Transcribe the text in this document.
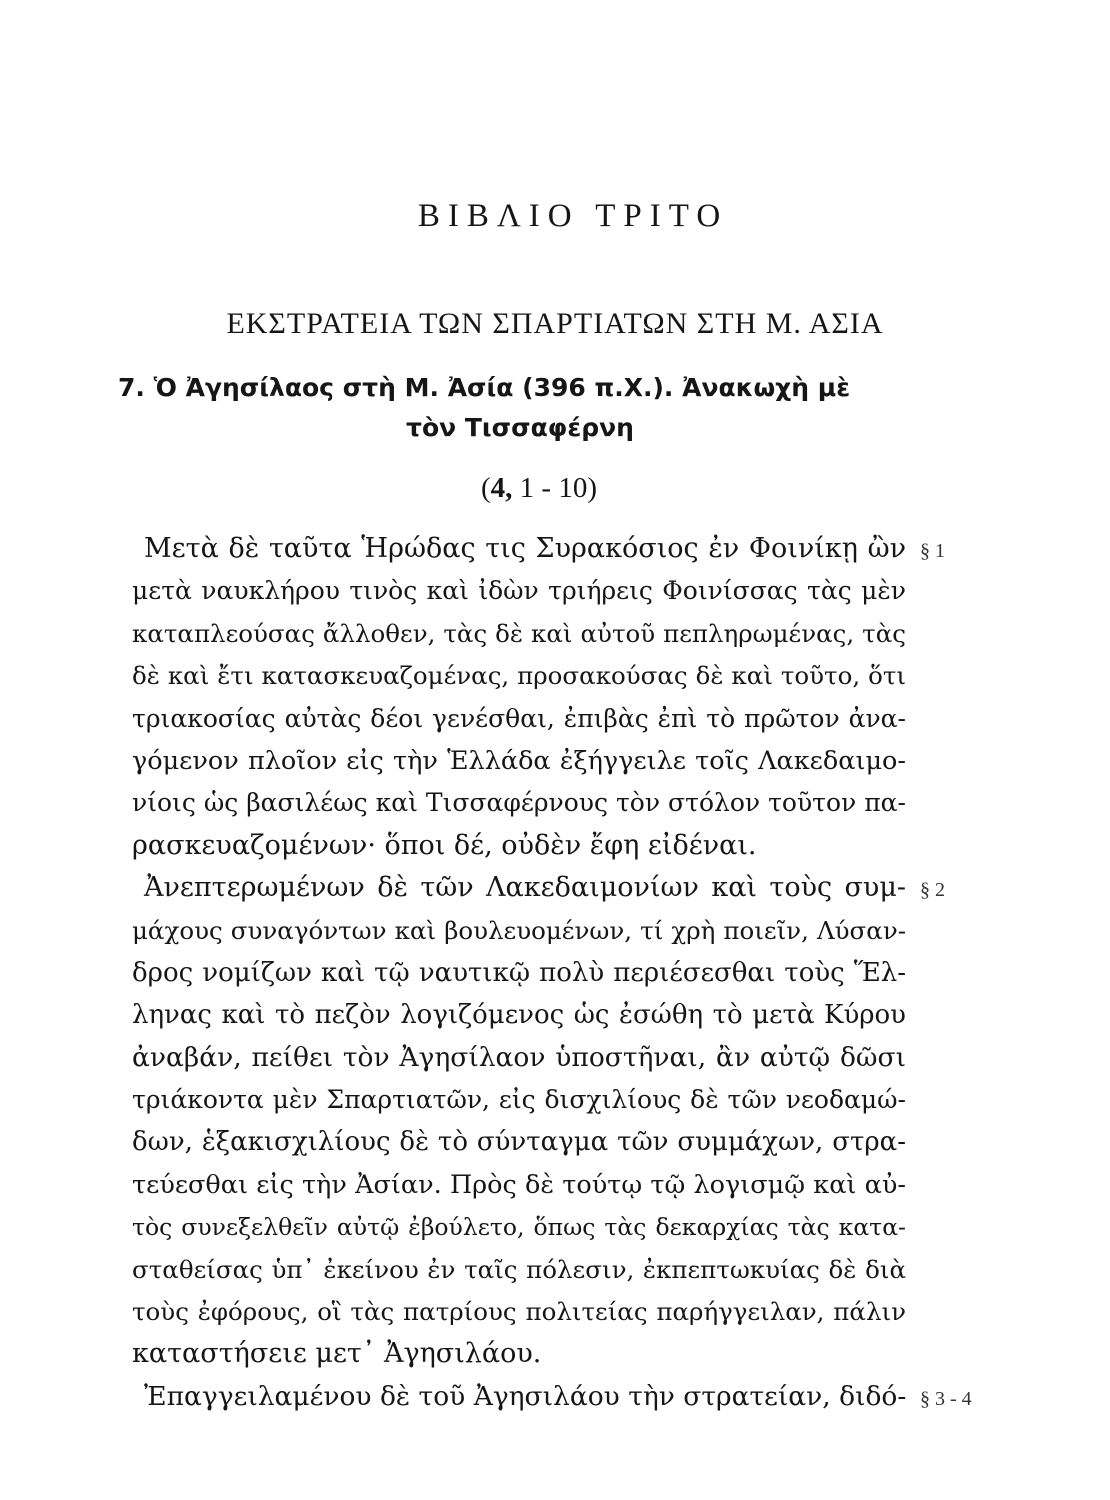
ΒΙΒΛΙΟ ΤΡΙΤΟ
ΕΚΣΤΡΑΤΕΙΑ ΤΩΝ ΣΠΑΡΤΙΑΤΩΝ ΣΤΗ Μ. ΑΣΙΑ
7. Ὁ Ἀγησίλαος στὴ Μ. Ἀσία (396 π.Χ.). Ἀνακωχὴ μὲ
τὸν Τισσαφέρνη
(4, 1 - 10)
§ 1
§ 2
§ 3 - 4
Μετὰ δὲ ταῦτα Ἡρώδας τις Συρακόσιος ἐν Φοινίκῃ ὢν
μετὰ ναυκλήρου τινὸς καὶ ἰδὼν τριήρεις Φοινίσσας τὰς μὲν
καταπλεούσας ἄλλοθεν, τὰς δὲ καὶ αὐτοῦ πεπληρωμένας, τὰς
δὲ καὶ ἔτι κατασκευαζομένας, προσακούσας δὲ καὶ τοῦτο, ὅτι
τριακοσίας αὐτὰς δέοι γενέσθαι, ἐπιβὰς ἐπὶ τὸ πρῶτον ἀνα-
γόμενον πλοῖον εἰς τὴν Ἑλλάδα ἐξήγγειλε τοῖς Λακεδαιμο-
νίοις ὡς βασιλέως καὶ Τισσαφέρνους τὸν στόλον τοῦτον πα-
ρασκευαζομένων· ὅποι δέ, οὐδὲν ἔφη εἰδέναι.
Ἀνεπτερωμένων δὲ τῶν Λακεδαιμονίων καὶ τοὺς συμ-
μάχους συναγόντων καὶ βουλευομένων, τί χρὴ ποιεῖν, Λύσαν-
δρος νομίζων καὶ τῷ ναυτικῷ πολὺ περιέσεσθαι τοὺς Ἕλ-
ληνας καὶ τὸ πεζὸν λογιζόμενος ὡς ἐσώθη τὸ μετὰ Κύρου
ἀναβάν, πείθει τὸν Ἀγησίλαον ὑποστῆναι, ἂν αὐτῷ δῶσι
τριάκοντα μὲν Σπαρτιατῶν, εἰς δισχιλίους δὲ τῶν νεοδαμώ-
δων, ἑξακισχιλίους δὲ τὸ σύνταγμα τῶν συμμάχων, στρα-
τεύεσθαι εἰς τὴν Ἀσίαν. Πρὸς δὲ τούτῳ τῷ λογισμῷ καὶ αὐ-
τὸς συνεξελθεῖν αὐτῷ ἐβούλετο, ὅπως τὰς δεκαρχίας τὰς κατα-
σταθείσας ὑπ᾽ ἐκείνου ἐν ταῖς πόλεσιν, ἐκπεπτωκυίας δὲ διὰ
τοὺς ἐφόρους, οἳ τὰς πατρίους πολιτείας παρήγγειλαν, πάλιν
καταστήσειε μετ᾽ Ἀγησιλάου.
Ἐπαγγειλαμένου δὲ τοῦ Ἀγησιλάου τὴν στρατείαν, διδό-
